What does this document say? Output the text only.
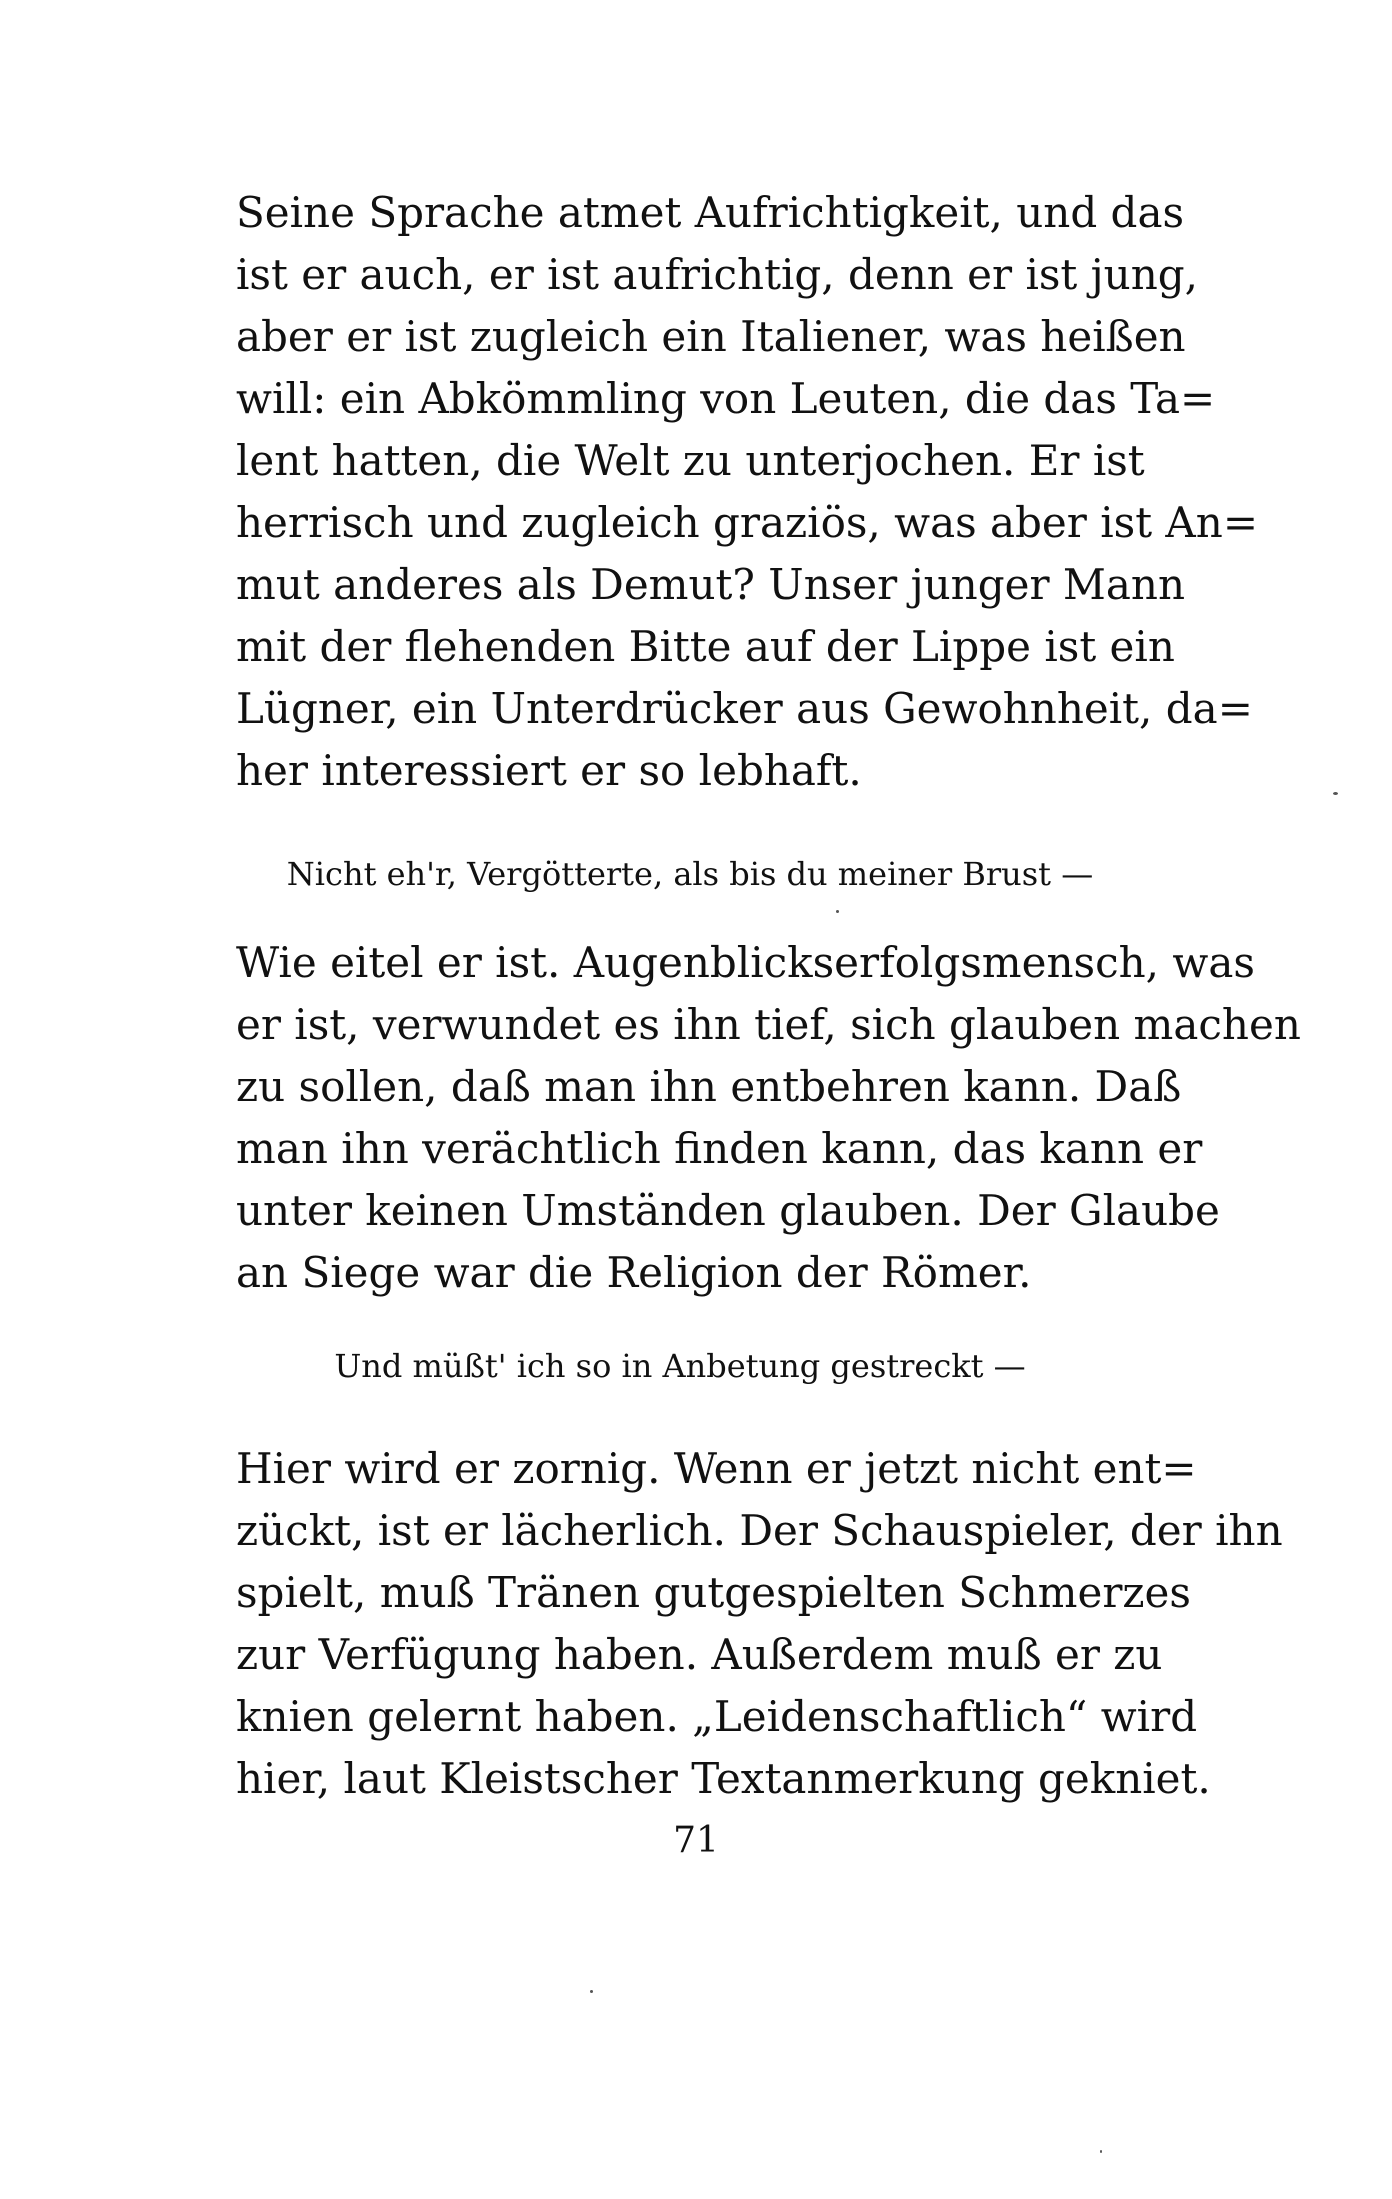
Seine Sprache atmet Aufrichtigkeit, und das
ist er auch, er ist aufrichtig, denn er ist jung,
aber er ist zugleich ein Italiener, was heißen
will: ein Abkömmling von Leuten, die das Ta=
lent hatten, die Welt zu unterjochen. Er ist
herrisch und zugleich graziös, was aber ist An=
mut anderes als Demut? Unser junger Mann
mit der flehenden Bitte auf der Lippe ist ein
Lügner, ein Unterdrücker aus Gewohnheit, da=
her interessiert er so lebhaft.
Nicht eh'r, Vergötterte, als bis du meiner Brust —
Wie eitel er ist. Augenblickserfolgsmensch, was
er ist, verwundet es ihn tief, sich glauben machen
zu sollen, daß man ihn entbehren kann. Daß
man ihn verächtlich finden kann, das kann er
unter keinen Umständen glauben. Der Glaube
an Siege war die Religion der Römer.
Und müßt' ich so in Anbetung gestreckt —
Hier wird er zornig. Wenn er jetzt nicht ent=
zückt, ist er lächerlich. Der Schauspieler, der ihn
spielt, muß Tränen gutgespielten Schmerzes
zur Verfügung haben. Außerdem muß er zu
knien gelernt haben. „Leidenschaftlich“ wird
hier, laut Kleistscher Textanmerkung gekniet.
71
